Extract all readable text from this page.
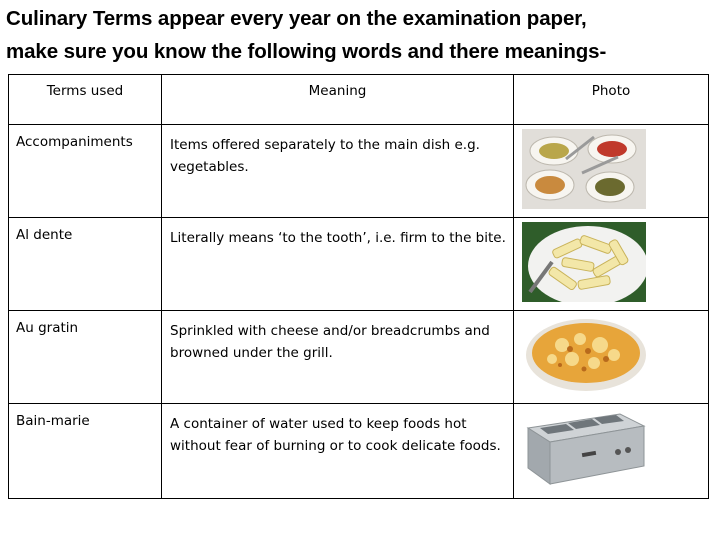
Culinary Terms appear every year on the examination paper,
make sure you know the following words and there meanings-
Terms used	Meaning	Photo
Accompaniments	Items offered separately to the main dish e.g. vegetables.	

Al dente	Literally means ‘to the tooth’, i.e. firm to the bite.	

Au gratin	Sprinkled with cheese and/or breadcrumbs and browned under the grill.	

Bain-marie	A container of water used to keep foods hot without fear of burning or to cook delicate foods.	
